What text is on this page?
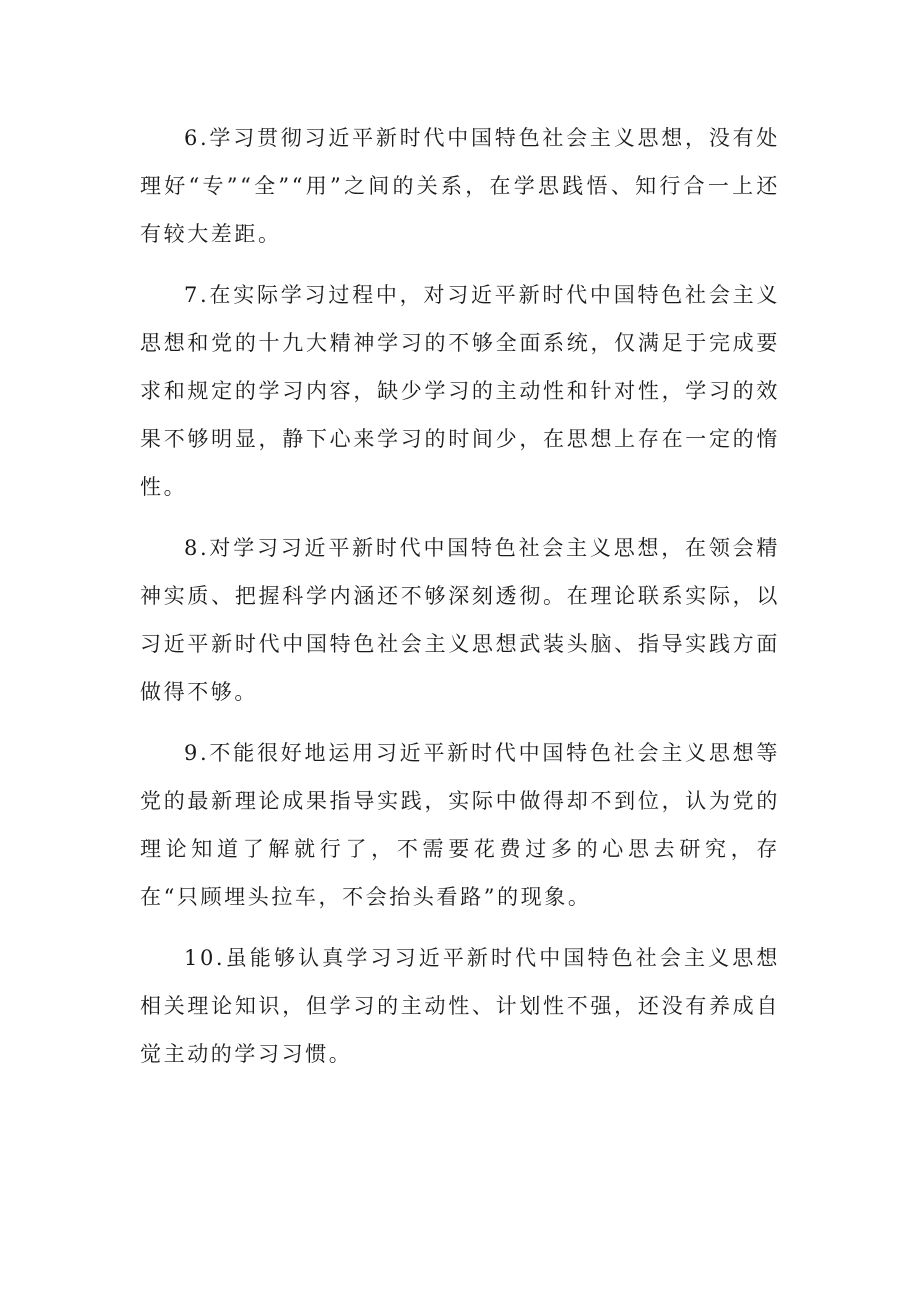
6.学习贯彻习近平新时代中国特色社会主义思想，没有处理好“专”“全”“用”之间的关系，在学思践悟、知行合一上还有较大差距。

7.在实际学习过程中，对习近平新时代中国特色社会主义思想和党的十九大精神学习的不够全面系统，仅满足于完成要求和规定的学习内容，缺少学习的主动性和针对性，学习的效果不够明显，静下心来学习的时间少，在思想上存在一定的惰性。

8.对学习习近平新时代中国特色社会主义思想，在领会精神实质、把握科学内涵还不够深刻透彻。在理论联系实际，以习近平新时代中国特色社会主义思想武装头脑、指导实践方面做得不够。

9.不能很好地运用习近平新时代中国特色社会主义思想等党的最新理论成果指导实践，实际中做得却不到位，认为党的理论知道了解就行了，不需要花费过多的心思去研究，存在“只顾埋头拉车，不会抬头看路”的现象。

10.虽能够认真学习习近平新时代中国特色社会主义思想相关理论知识，但学习的主动性、计划性不强，还没有养成自觉主动的学习习惯。
